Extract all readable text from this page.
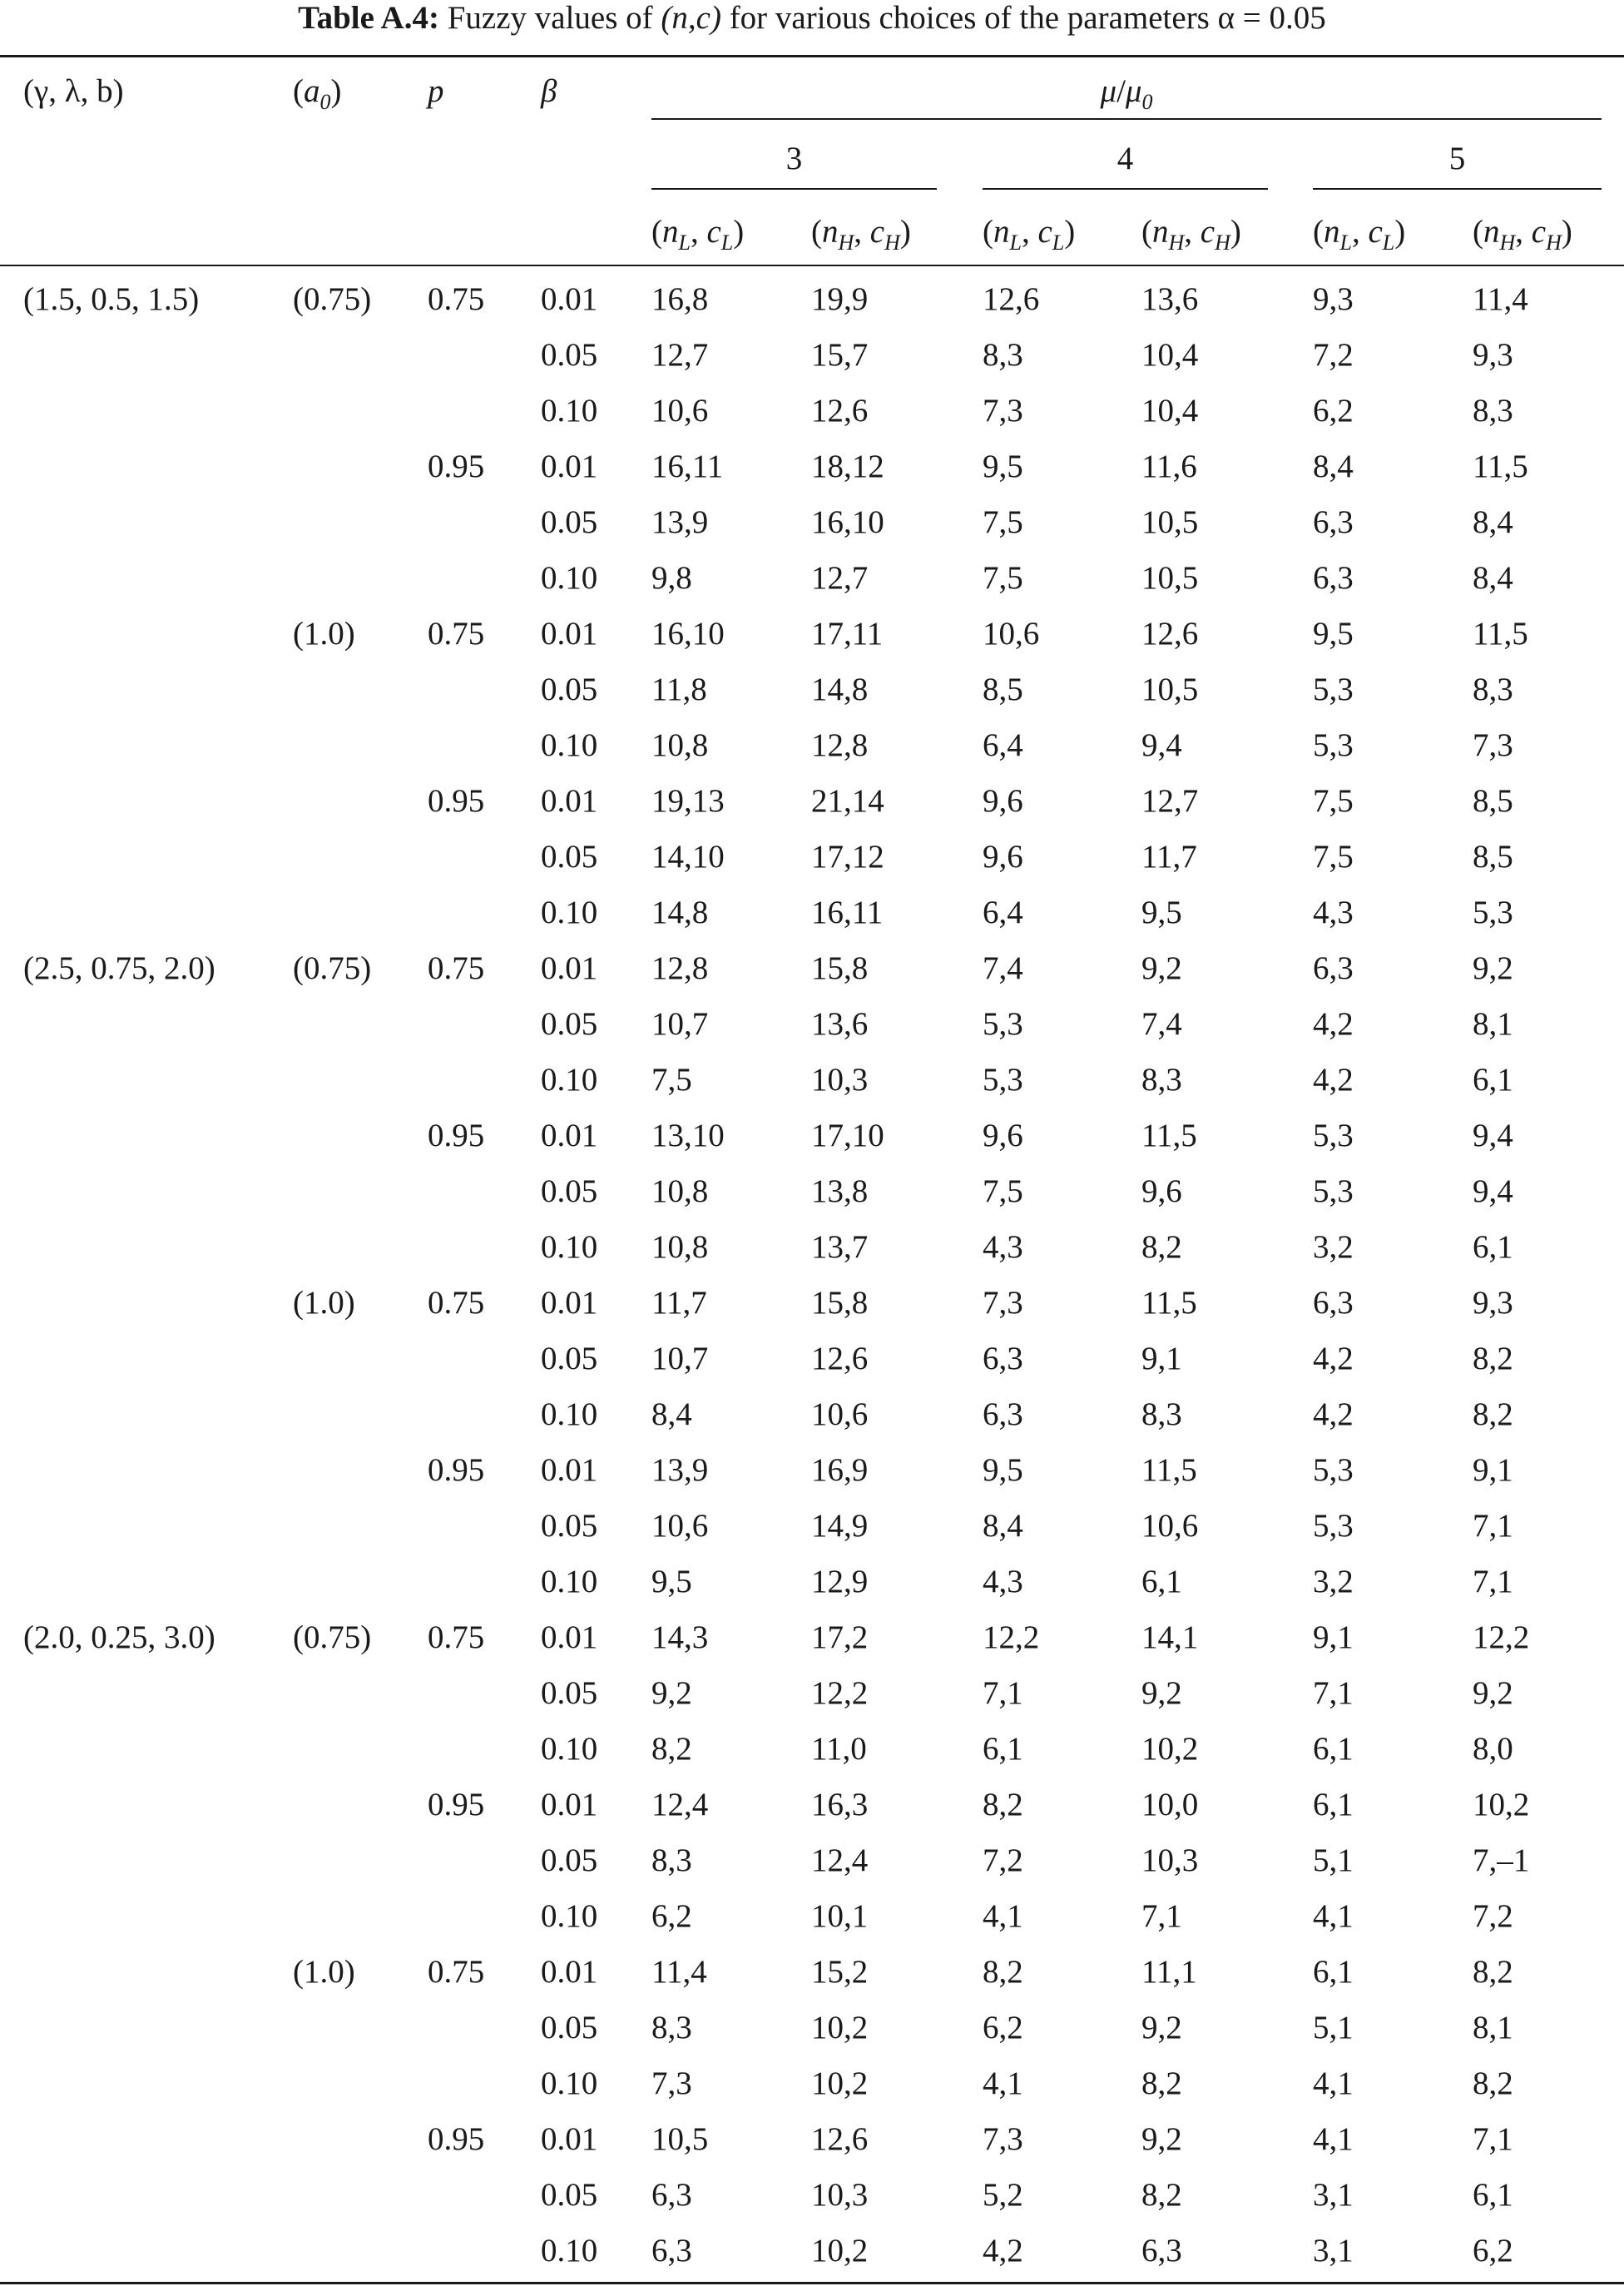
Table A.4: Fuzzy values of (n,c) for various choices of the parameters α = 0.05
(γ, λ, b)	$(a_0)$	p	β	$\mu/\mu_0$
3	4	5
($n_L$, $c_L$) ($n_H$, $c_H$) ($n_L$, $c_L$) ($n_H$, $c_H$) ($n_L$, $c_L$) ($n_H$, $c_H$)
(1.5, 0.5, 1.5)	(0.75) 0.75 0.01 16,8	19,9	12,6	13,6	9,3	11,4
0.05 12,7	15,7	8,3	10,4	7,2	9,3
0.10 10,6	12,6	7,3	10,4	6,2	8,3
0.95 0.01 16,11	18,12	9,5	11,6	8,4	11,5
0.05 13,9	16,10	7,5	10,5	6,3	8,4
0.10 9,8	12,7	7,5	10,5	6,3	8,4
(1.0) 0.75 0.01 16,10	17,11	10,6	12,6	9,5	11,5
0.05 11,8	14,8	8,5	10,5	5,3	8,3
0.10 10,8	12,8	6,4	9,4	5,3	7,3
0.95 0.01 19,13	21,14	9,6	12,7	7,5	8,5
0.05 14,10	17,12	9,6	11,7	7,5	8,5
0.10 14,8	16,11	6,4	9,5	4,3	5,3
(2.5, 0.75, 2.0) (0.75) 0.75 0.01 12,8	15,8	7,4	9,2	6,3	9,2
0.05 10,7	13,6	5,3	7,4	4,2	8,1
0.10 7,5	10,3	5,3	8,3	4,2	6,1
0.95 0.01 13,10	17,10	9,6	11,5	5,3	9,4
0.05 10,8	13,8	7,5	9,6	5,3	9,4
0.10 10,8	13,7	4,3	8,2	3,2	6,1
(1.0) 0.75 0.01 11,7	15,8	7,3	11,5	6,3	9,3
0.05 10,7	12,6	6,3	9,1	4,2	8,2
0.10 8,4	10,6	6,3	8,3	4,2	8,2
0.95 0.01 13,9	16,9	9,5	11,5	5,3	9,1
0.05 10,6	14,9	8,4	10,6	5,3	7,1
0.10 9,5	12,9	4,3	6,1	3,2	7,1
(2.0, 0.25, 3.0) (0.75) 0.75 0.01 14,3	17,2	12,2	14,1	9,1	12,2
0.05 9,2	12,2	7,1	9,2	7,1	9,2
0.10 8,2	11,0	6,1	10,2	6,1	8,0
0.95 0.01 12,4	16,3	8,2	10,0	6,1	10,2
0.05 8,3	12,4	7,2	10,3	5,1	7,–1
0.10 6,2	10,1	4,1	7,1	4,1	7,2
(1.0) 0.75 0.01 11,4	15,2	8,2	11,1	6,1	8,2
0.05 8,3	10,2	6,2	9,2	5,1	8,1
0.10 7,3	10,2	4,1	8,2	4,1	8,2
0.95 0.01 10,5	12,6	7,3	9,2	4,1	7,1
0.05 6,3	10,3	5,2	8,2	3,1	6,1
0.10 6,3	10,2	4,2	6,3	3,1	6,2
